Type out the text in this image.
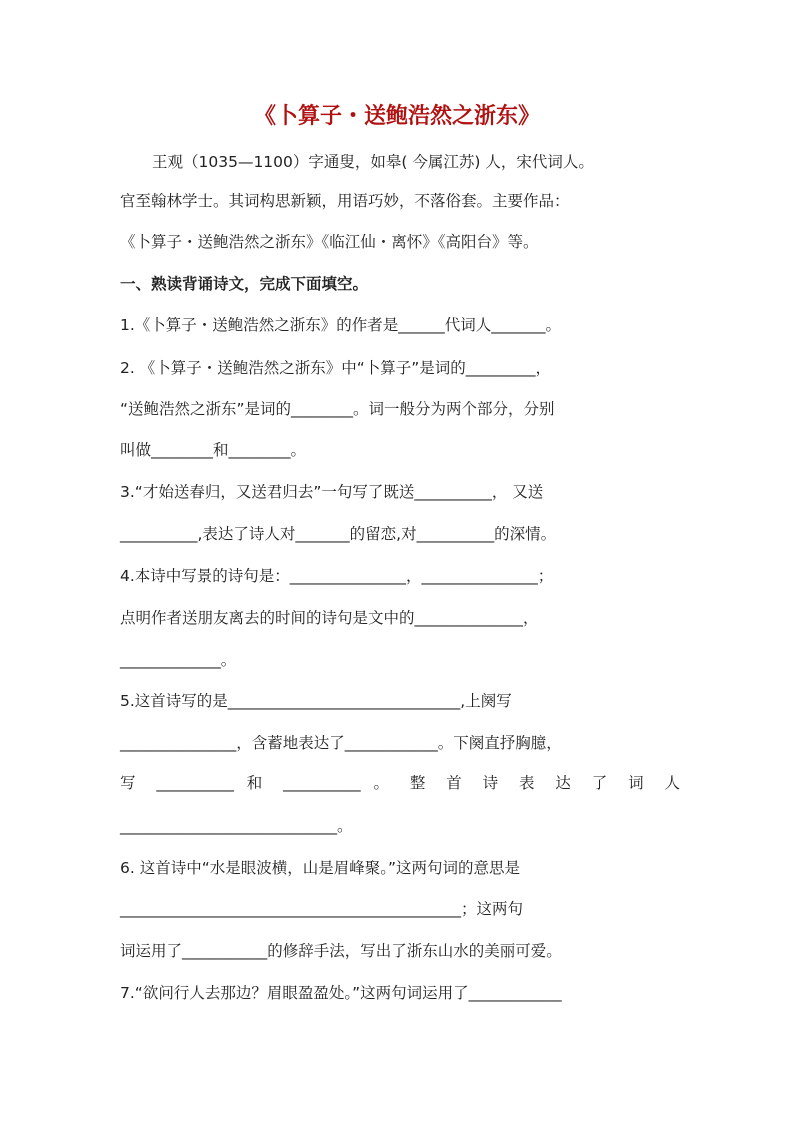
《卜算子・送鲍浩然之浙东》
王观（1035—1100）字通叟，如皋( 今属江苏) 人，宋代词人。
官至翰林学士。其词构思新颖，用语巧妙，不落俗套。主要作品：
《卜算子・送鲍浩然之浙东》《临江仙・离怀》《高阳台》等。
一、熟读背诵诗文，完成下面填空。
1.《卜算子・送鲍浩然之浙东》的作者是______代词人_______。
2. 《卜算子・送鲍浩然之浙东》中“卜算子”是词的_________，
“送鲍浩然之浙东”是词的________。词一般分为两个部分，分别
叫做________和________。
3.“才始送春归，又送君归去”一句写了既送__________， 又送
__________,表达了诗人对_______的留恋,对__________的深情。
4.本诗中写景的诗句是：_______________，_______________；
点明作者送朋友离去的时间的诗句是文中的______________，
_____________。
5.这首诗写的是______________________________,上阕写
_______________，含蓄地表达了____________。下阕直抒胸臆，
写 __________ 和 __________ 。 整 首 诗 表 达 了 词 人
____________________________。
6. 这首诗中“水是眼波横，山是眉峰聚。”这两句词的意思是
____________________________________________；这两句
词运用了___________的修辞手法，写出了浙东山水的美丽可爱。
7.“欲问行人去那边？眉眼盈盈处。”这两句词运用了____________
